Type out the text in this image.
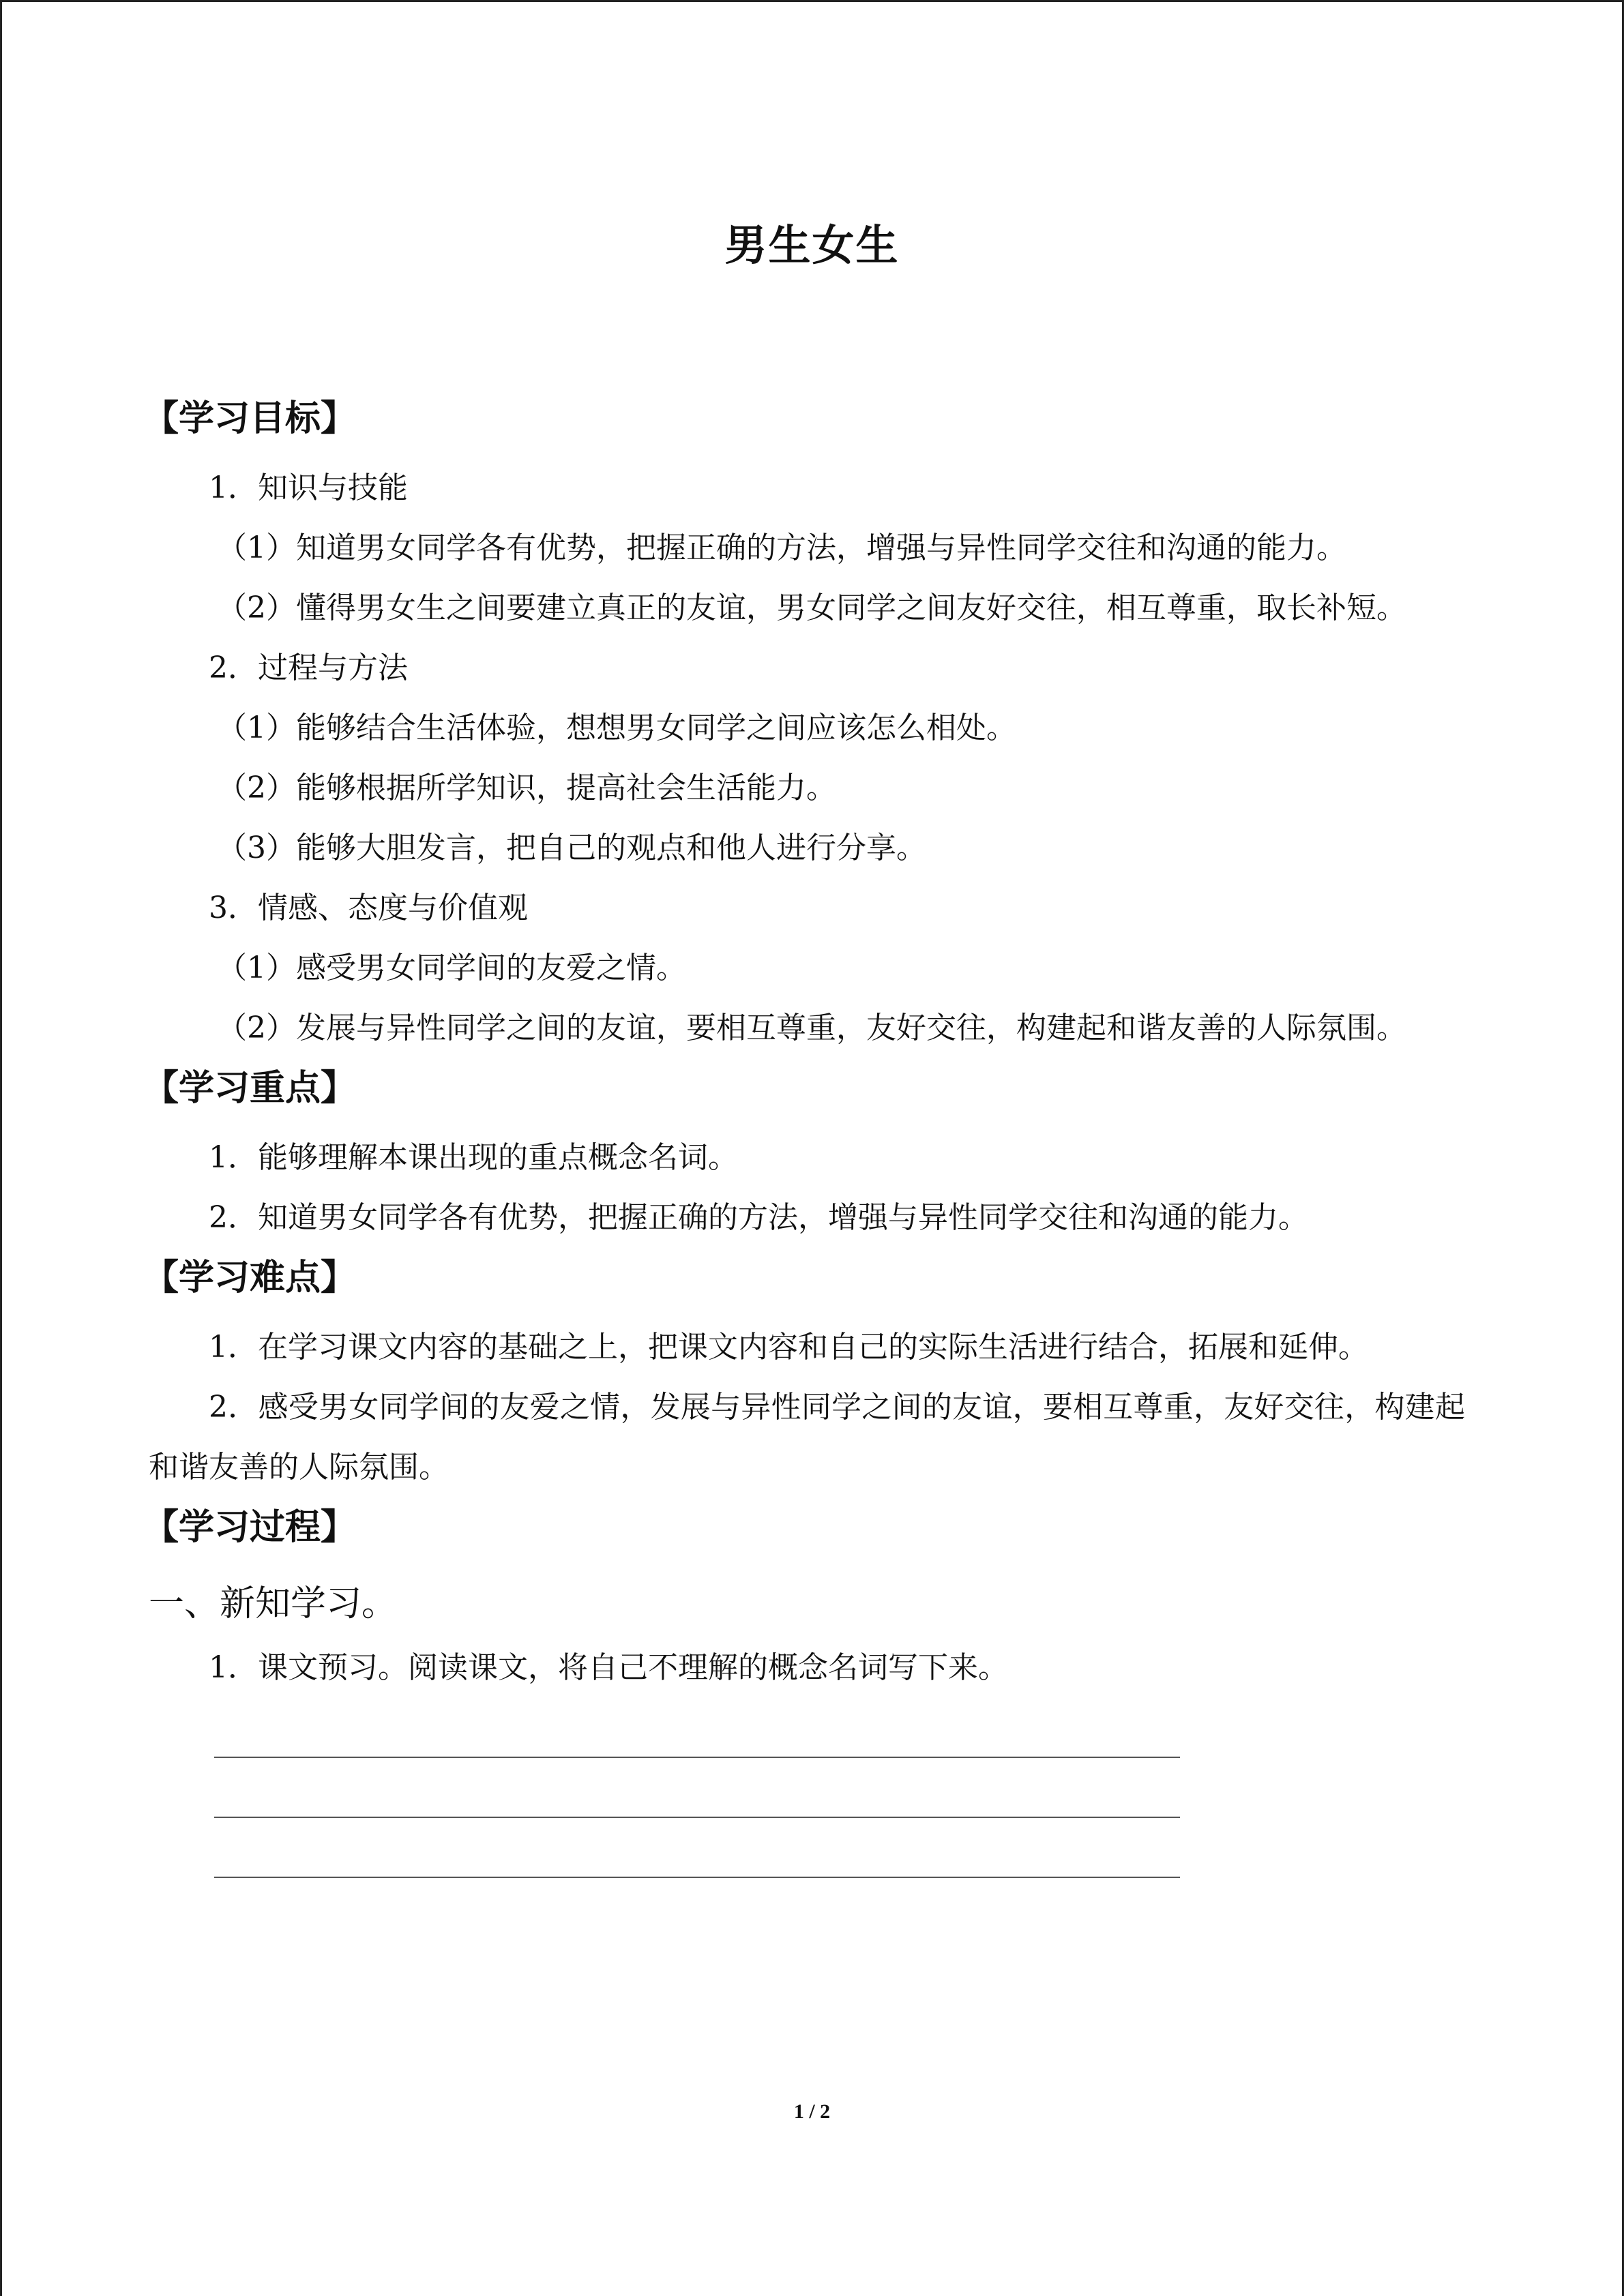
男生女生
【学习目标】
1．知识与技能
（1）知道男女同学各有优势，把握正确的方法，增强与异性同学交往和沟通的能力。
（2）懂得男女生之间要建立真正的友谊，男女同学之间友好交往，相互尊重，取长补短。
2．过程与方法
（1）能够结合生活体验，想想男女同学之间应该怎么相处。
（2）能够根据所学知识，提高社会生活能力。
（3）能够大胆发言，把自己的观点和他人进行分享。
3．情感、态度与价值观
（1）感受男女同学间的友爱之情。
（2）发展与异性同学之间的友谊，要相互尊重，友好交往，构建起和谐友善的人际氛围。
【学习重点】
1．能够理解本课出现的重点概念名词。
2．知道男女同学各有优势，把握正确的方法，增强与异性同学交往和沟通的能力。
【学习难点】
1．在学习课文内容的基础之上，把课文内容和自己的实际生活进行结合，拓展和延伸。
2．感受男女同学间的友爱之情，发展与异性同学之间的友谊，要相互尊重，友好交往，构建起和谐友善的人际氛围。
【学习过程】
一、新知学习。
1．课文预习。阅读课文，将自己不理解的概念名词写下来。
1 / 2
